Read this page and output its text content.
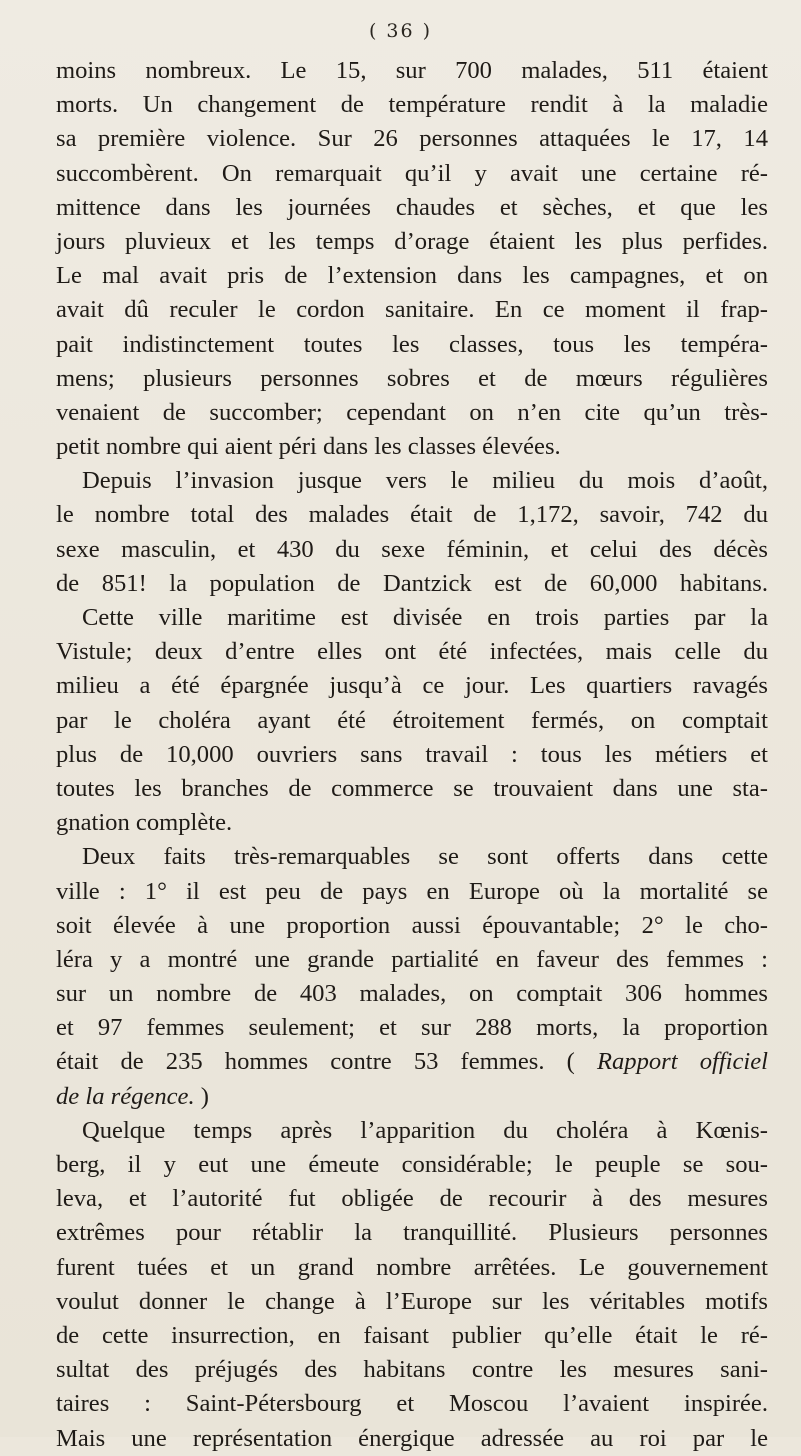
( 36 )
moins nombreux. Le 15, sur 700 malades, 511 étaient
morts. Un changement de température rendit à la maladie
sa première violence. Sur 26 personnes attaquées le 17, 14
succombèrent. On remarquait qu’il y avait une certaine ré-
mittence dans les journées chaudes et sèches, et que les
jours pluvieux et les temps d’orage étaient les plus perfides.
Le mal avait pris de l’extension dans les campagnes, et on
avait dû reculer le cordon sanitaire. En ce moment il frap-
pait indistinctement toutes les classes, tous les tempéra-
mens; plusieurs personnes sobres et de mœurs régulières
venaient de succomber; cependant on n’en cite qu’un très-
petit nombre qui aient péri dans les classes élevées.
Depuis l’invasion jusque vers le milieu du mois d’août,
le nombre total des malades était de 1,172, savoir, 742 du
sexe masculin, et 430 du sexe féminin, et celui des décès
de 851! la population de Dantzick est de 60,000 habitans.
Cette ville maritime est divisée en trois parties par la
Vistule; deux d’entre elles ont été infectées, mais celle du
milieu a été épargnée jusqu’à ce jour. Les quartiers ravagés
par le choléra ayant été étroitement fermés, on comptait
plus de 10,000 ouvriers sans travail : tous les métiers et
toutes les branches de commerce se trouvaient dans une sta-
gnation complète.
Deux faits très-remarquables se sont offerts dans cette
ville : 1° il est peu de pays en Europe où la mortalité se
soit élevée à une proportion aussi épouvantable; 2° le cho-
léra y a montré une grande partialité en faveur des femmes :
sur un nombre de 403 malades, on comptait 306 hommes
et 97 femmes seulement; et sur 288 morts, la proportion
était de 235 hommes contre 53 femmes. ( Rapport officiel
de la régence. )
Quelque temps après l’apparition du choléra à Kœnis-
berg, il y eut une émeute considérable; le peuple se sou-
leva, et l’autorité fut obligée de recourir à des mesures
extrêmes pour rétablir la tranquillité. Plusieurs personnes
furent tuées et un grand nombre arrêtées. Le gouvernement
voulut donner le change à l’Europe sur les véritables motifs
de cette insurrection, en faisant publier qu’elle était le ré-
sultat des préjugés des habitans contre les mesures sani-
taires : Saint-Pétersbourg et Moscou l’avaient inspirée.
Mais une représentation énergique adressée au roi par le
